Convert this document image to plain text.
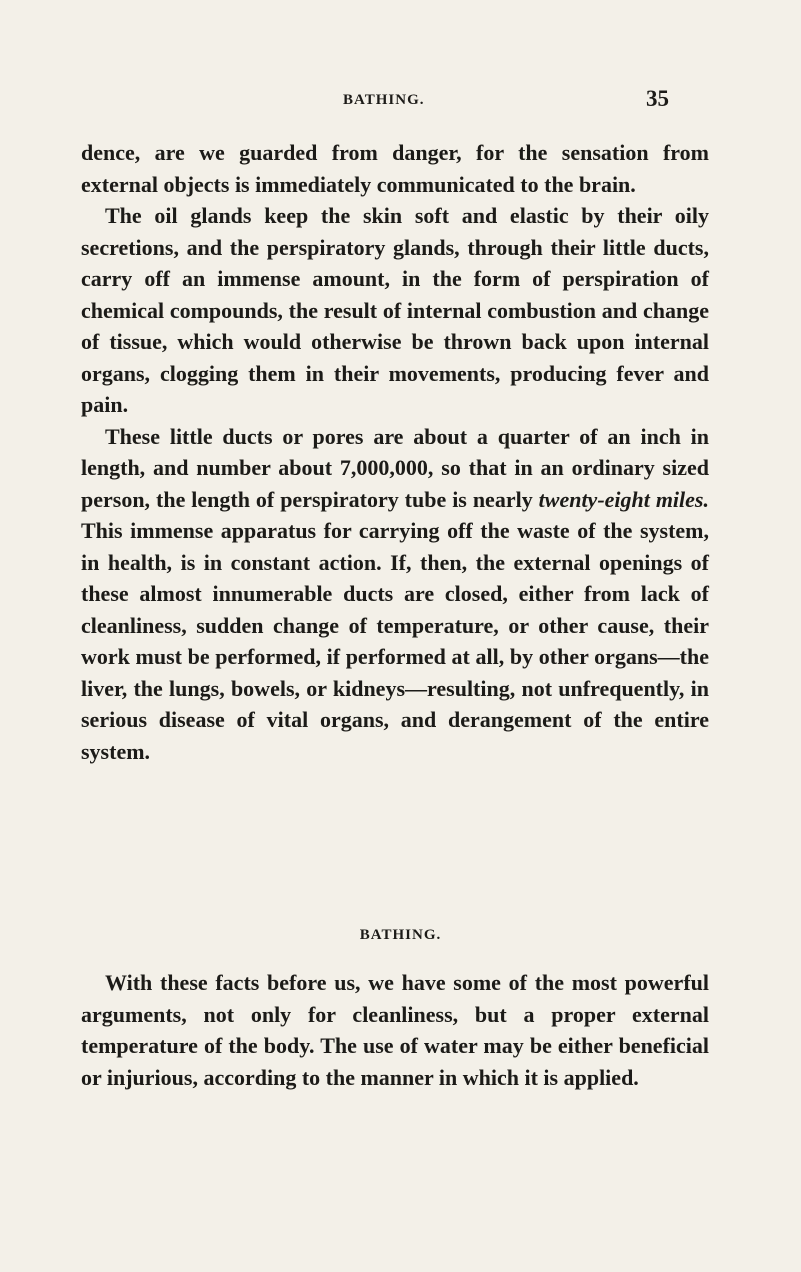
BATHING.	35

dence, are we guarded from danger, for the sensation from external objects is immediately communicated to the brain.

The oil glands keep the skin soft and elastic by their oily secretions, and the perspiratory glands, through their little ducts, carry off an immense amount, in the form of perspiration of chemical compounds, the result of internal combustion and change of tissue, which would otherwise be thrown back upon internal organs, clogging them in their movements, producing fever and pain.

These little ducts or pores are about a quarter of an inch in length, and number about 7,000,000, so that in an ordinary sized person, the length of perspiratory tube is nearly twenty-eight miles. This immense apparatus for carrying off the waste of the system, in health, is in constant action. If, then, the external openings of these almost innumerable ducts are closed, either from lack of cleanliness, sudden change of temperature, or other cause, their work must be performed, if performed at all, by other organs—the liver, the lungs, bowels, or kidneys—resulting, not unfrequently, in serious disease of vital organs, and derangement of the entire system.

BATHING.

With these facts before us, we have some of the most powerful arguments, not only for cleanliness, but a proper external temperature of the body. The use of water may be either beneficial or injurious, according to the manner in which it is applied.
